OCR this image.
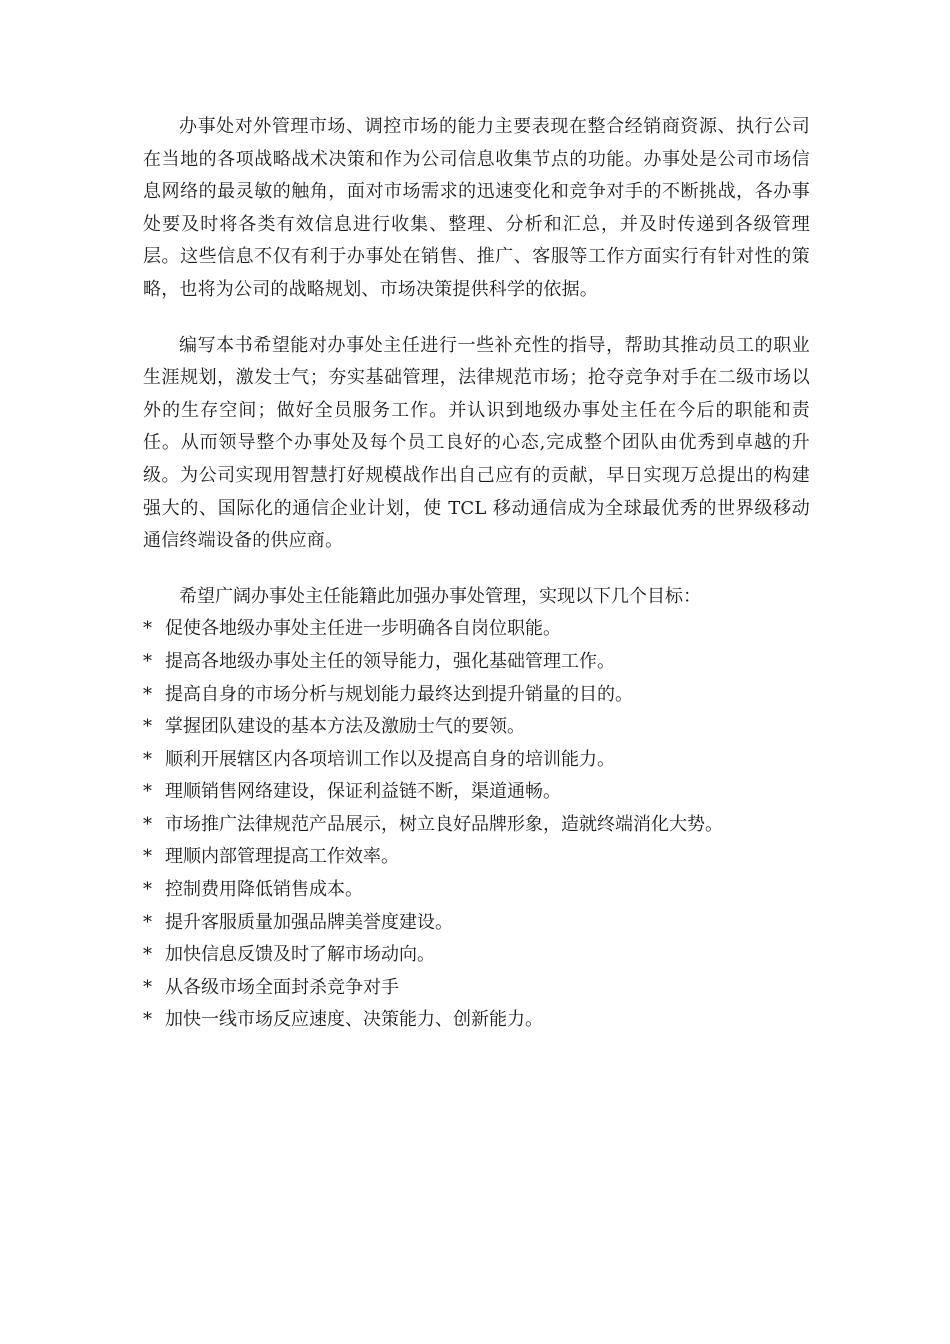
办事处对外管理市场、调控市场的能力主要表现在整合经销商资源、执行公司在当地的各项战略战术决策和作为公司信息收集节点的功能。办事处是公司市场信息网络的最灵敏的触角，面对市场需求的迅速变化和竞争对手的不断挑战，各办事处要及时将各类有效信息进行收集、整理、分析和汇总，并及时传递到各级管理层。这些信息不仅有利于办事处在销售、推广、客服等工作方面实行有针对性的策略，也将为公司的战略规划、市场决策提供科学的依据。

编写本书希望能对办事处主任进行一些补充性的指导，帮助其推动员工的职业生涯规划，激发士气；夯实基础管理，法律规范市场；抢夺竞争对手在二级市场以外的生存空间；做好全员服务工作。并认识到地级办事处主任在今后的职能和责任。从而领导整个办事处及每个员工良好的心态,完成整个团队由优秀到卓越的升级。为公司实现用智慧打好规模战作出自己应有的贡献，早日实现万总提出的构建强大的、国际化的通信企业计划，使 TCL 移动通信成为全球最优秀的世界级移动通信终端设备的供应商。

希望广阔办事处主任能籍此加强办事处管理，实现以下几个目标：

* 促使各地级办事处主任进一步明确各自岗位职能。
* 提高各地级办事处主任的领导能力，强化基础管理工作。
* 提高自身的市场分析与规划能力最终达到提升销量的目的。
* 掌握团队建设的基本方法及激励士气的要领。
* 顺利开展辖区内各项培训工作以及提高自身的培训能力。
* 理顺销售网络建设，保证利益链不断，渠道通畅。
* 市场推广法律规范产品展示，树立良好品牌形象，造就终端消化大势。
* 理顺内部管理提高工作效率。
* 控制费用降低销售成本。
* 提升客服质量加强品牌美誉度建设。
* 加快信息反馈及时了解市场动向。
* 从各级市场全面封杀竞争对手
* 加快一线市场反应速度、决策能力、创新能力。
